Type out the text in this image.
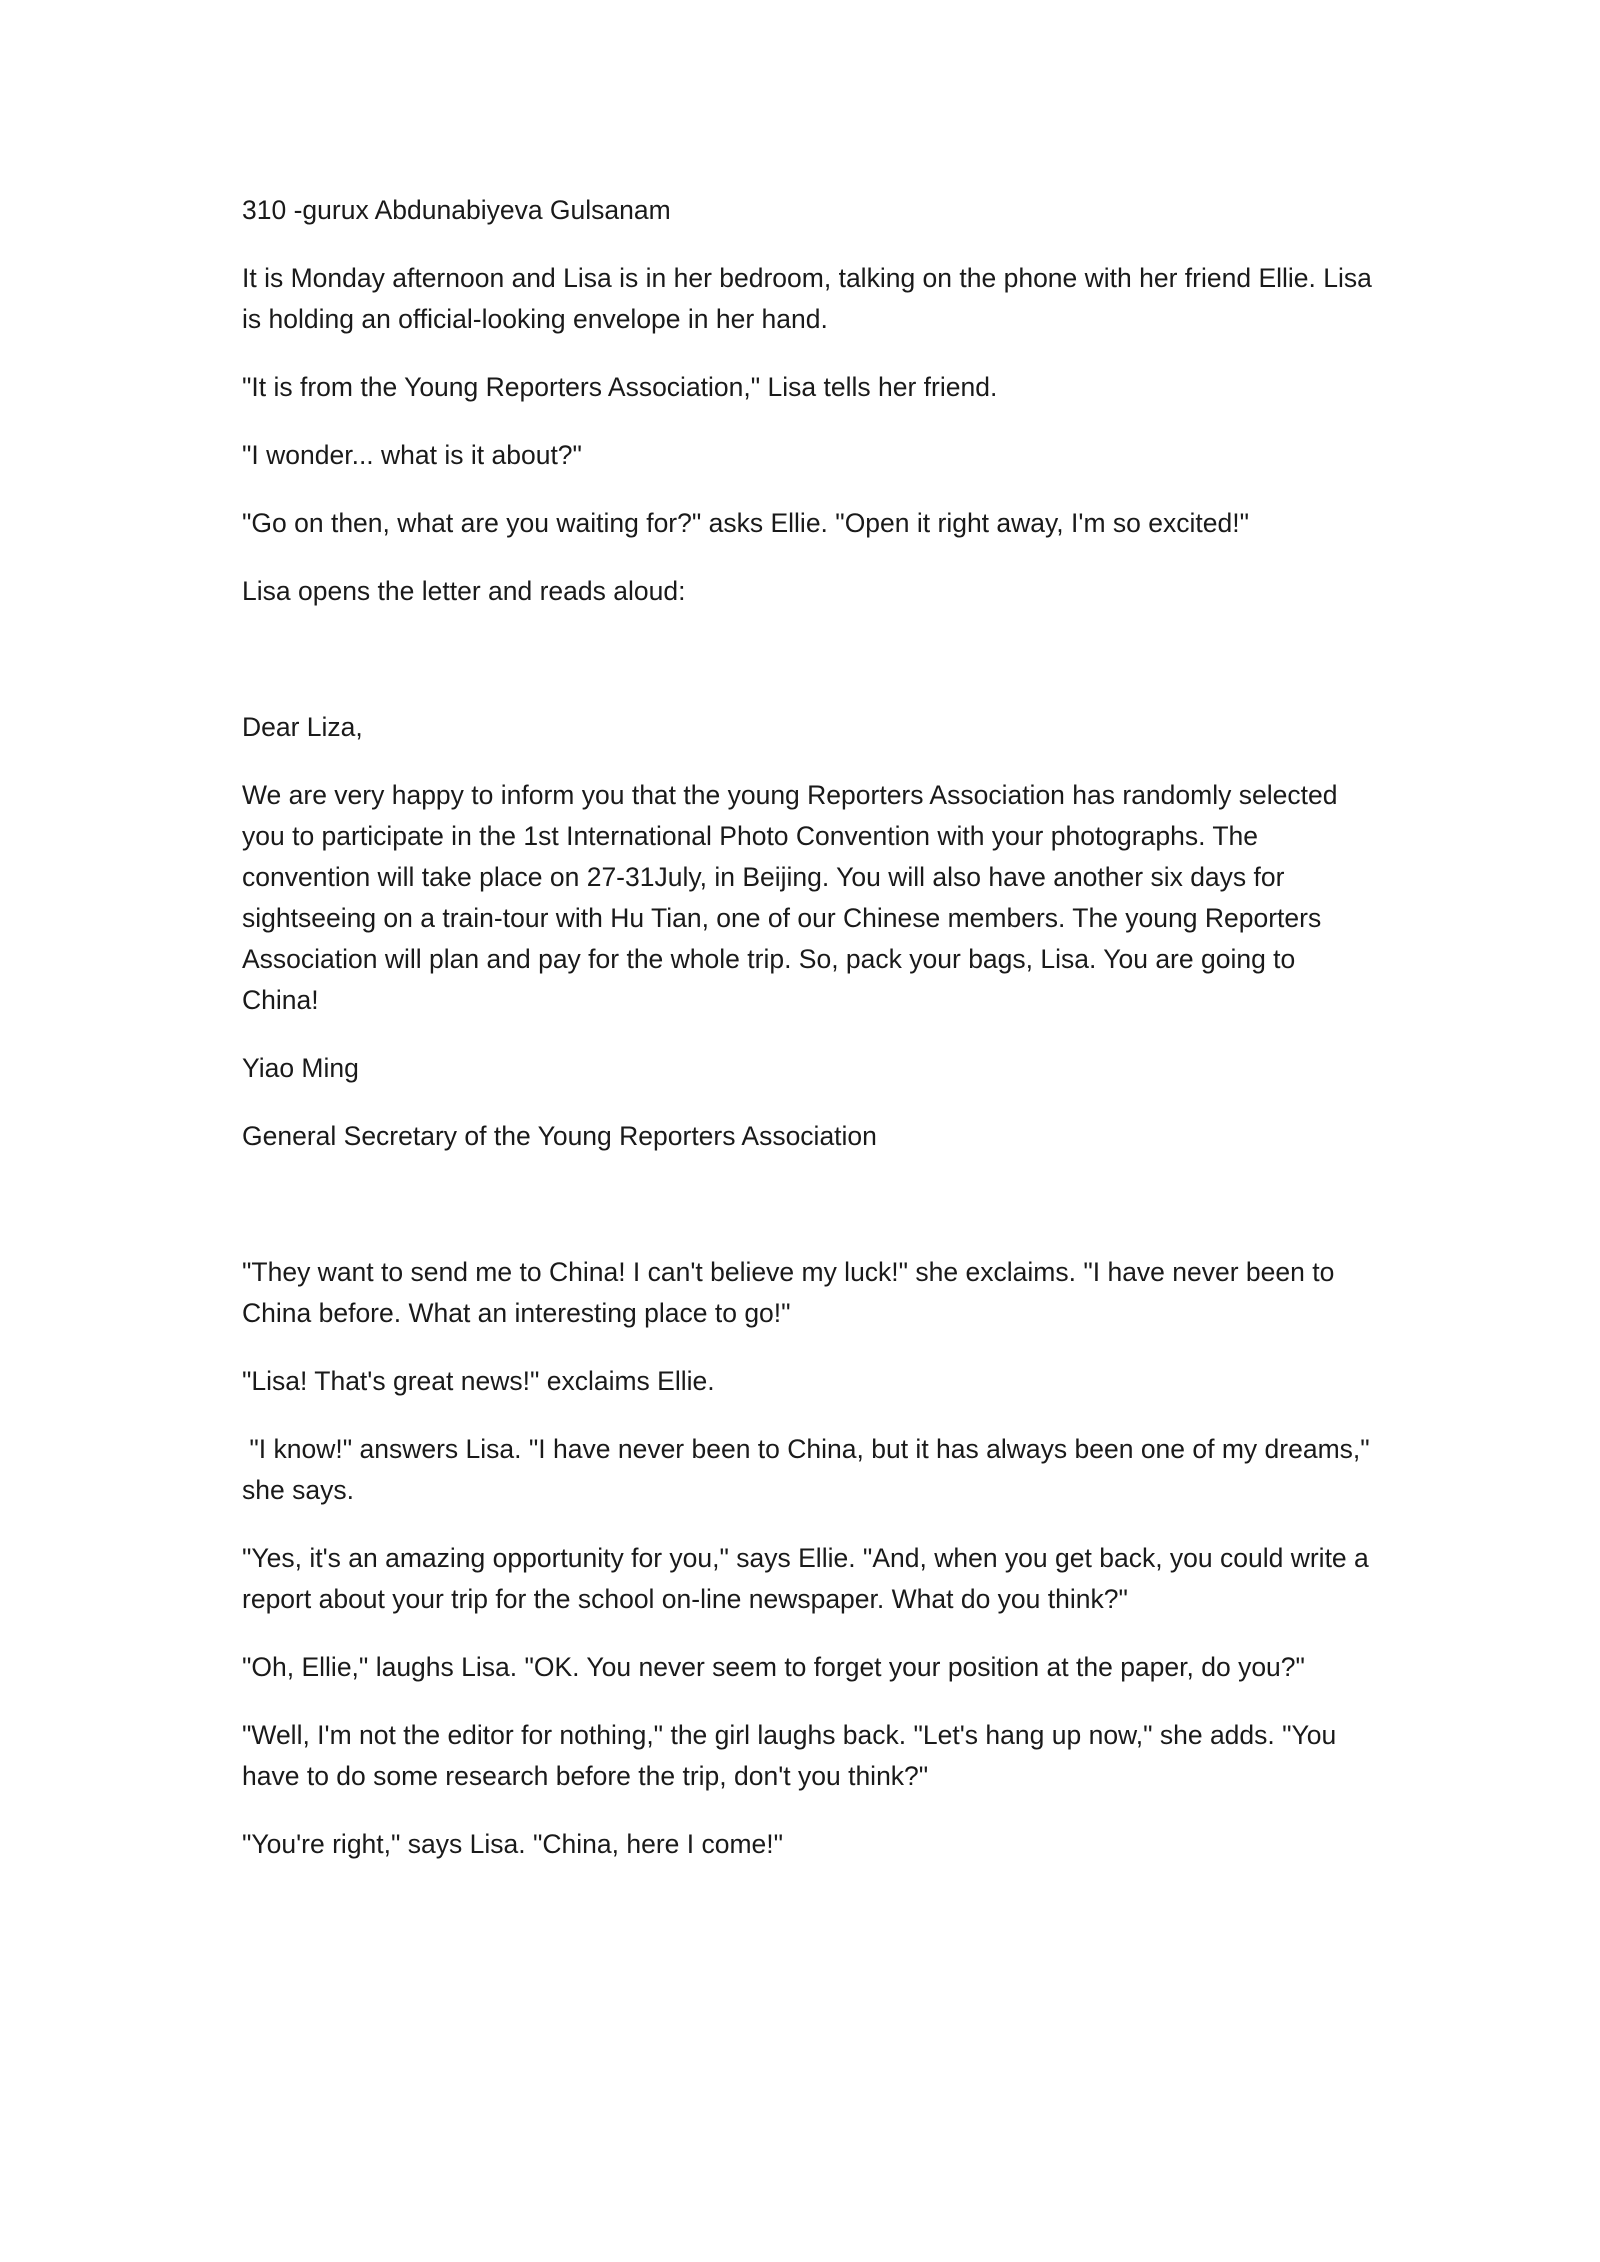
310 -gurux Abdunabiyeva Gulsanam

It is Monday afternoon and Lisa is in her bedroom, talking on the phone with her friend Ellie. Lisa is holding an official-looking envelope in her hand.

"It is from the Young Reporters Association," Lisa tells her friend.

"I wonder... what is it about?"

"Go on then, what are you waiting for?" asks Ellie. "Open it right away, I'm so excited!"

Lisa opens the letter and reads aloud:

Dear Liza,

We are very happy to inform you that the young Reporters Association has randomly selected you to participate in the 1st International Photo Convention with your photographs. The convention will take place on 27-31July, in Beijing. You will also have another six days for sightseeing on a train-tour with Hu Tian, one of our Chinese members. The young Reporters Association will plan and pay for the whole trip. So, pack your bags, Lisa. You are going to China!

Yiao Ming

General Secretary of the Young Reporters Association

"They want to send me to China! I can't believe my luck!" she exclaims. "I have never been to China before. What an interesting place to go!"

"Lisa! That's great news!" exclaims Ellie.

"I know!" answers Lisa. "I have never been to China, but it has always been one of my dreams," she says.

"Yes, it's an amazing opportunity for you," says Ellie. "And, when you get back, you could write a report about your trip for the school on-line newspaper. What do you think?"

"Oh, Ellie," laughs Lisa. "OK. You never seem to forget your position at the paper, do you?"

"Well, I'm not the editor for nothing," the girl laughs back. "Let's hang up now," she adds. "You have to do some research before the trip, don't you think?"

"You're right," says Lisa. "China, here I come!"
